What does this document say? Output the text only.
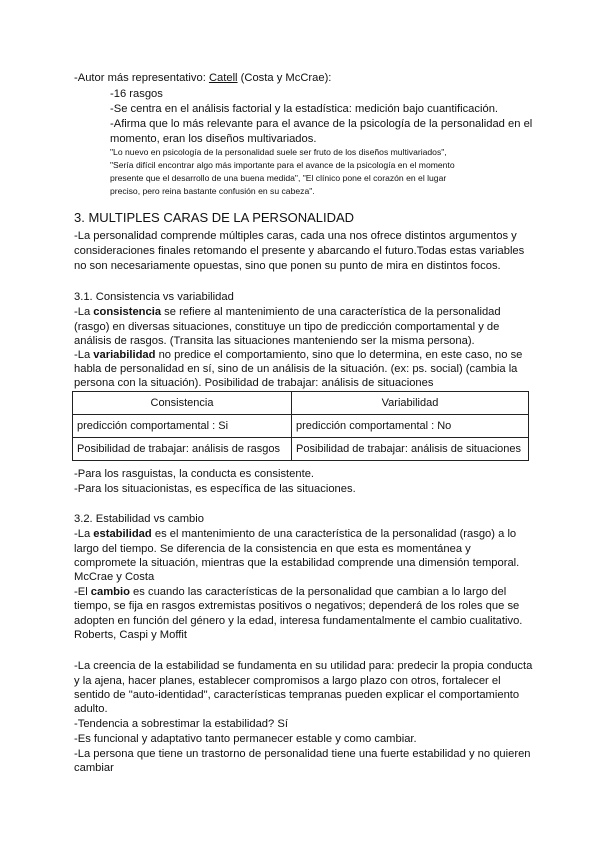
-Autor más representativo: Catell (Costa y McCrae):
-16 rasgos
-Se centra en el análisis factorial y la estadística: medición bajo cuantificación.
-Afirma que lo más relevante para el avance de la psicología de la personalidad en el
momento, eran los diseños multivariados.
"Lo nuevo en psicología de la personalidad suele ser fruto de los diseños multivariados",
"Sería difícil encontrar algo más importante para el avance de la psicología en el momento
presente que el desarrollo de una buena medida", "El clínico pone el corazón en el lugar
preciso, pero reina bastante confusión en su cabeza".
3. MULTIPLES CARAS DE LA PERSONALIDAD
-La personalidad comprende múltiples caras, cada una nos ofrece distintos argumentos y
consideraciones finales retomando el presente y abarcando el futuro.Todas estas variables
no son necesariamente opuestas, sino que ponen su punto de mira en distintos focos.
3.1. Consistencia vs variabilidad
-La consistencia se refiere al mantenimiento de una característica de la personalidad
(rasgo) en diversas situaciones, constituye un tipo de predicción comportamental y de
análisis de rasgos. (Transita las situaciones manteniendo ser la misma persona).
-La variabilidad no predice el comportamiento, sino que lo determina, en este caso, no se
habla de personalidad en sí, sino de un análisis de la situación. (ex: ps. social) (cambia la
persona con la situación). Posibilidad de trabajar: análisis de situaciones
Consistencia	Variabilidad
predicción comportamental : Si	predicción comportamental : No
Posibilidad de trabajar: análisis de rasgos	Posibilidad de trabajar: análisis de situaciones
-Para los rasguistas, la conducta es consistente.
-Para los situacionistas, es específica de las situaciones.
3.2. Estabilidad vs cambio
-La estabilidad es el mantenimiento de una característica de la personalidad (rasgo) a lo
largo del tiempo. Se diferencia de la consistencia en que esta es momentánea y
compromete la situación, mientras que la estabilidad comprende una dimensión temporal.
McCrae y Costa
-El cambio es cuando las características de la personalidad que cambian a lo largo del
tiempo, se fija en rasgos extremistas positivos o negativos; dependerá de los roles que se
adopten en función del género y la edad, interesa fundamentalmente el cambio cualitativo.
Roberts, Caspi y Moffit
-La creencia de la estabilidad se fundamenta en su utilidad para: predecir la propia conducta
y la ajena, hacer planes, establecer compromisos a largo plazo con otros, fortalecer el
sentido de "auto-identidad", características tempranas pueden explicar el comportamiento
adulto.
-Tendencia a sobrestimar la estabilidad? Sí
-Es funcional y adaptativo tanto permanecer estable y como cambiar.
-La persona que tiene un trastorno de personalidad tiene una fuerte estabilidad y no quieren
cambiar
